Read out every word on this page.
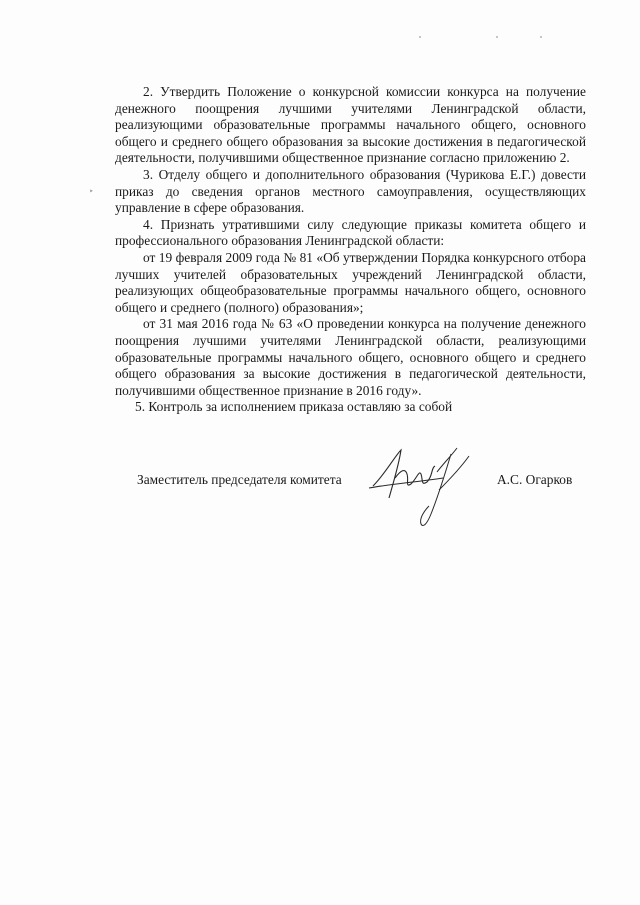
‣

2. Утвердить Положение о конкурсной комиссии конкурса на получение денежного поощрения лучшими учителями Ленинградской области, реализующими образовательные программы начального общего, основного общего и среднего общего образования за высокие достижения в педагогической деятельности, получившими общественное признание согласно приложению 2.

3. Отделу общего и дополнительного образования (Чурикова Е.Г.) довести приказ до сведения органов местного самоуправления, осуществляющих управление в сфере образования.

4. Признать утратившими силу следующие приказы комитета общего и профессионального образования Ленинградской области:

от 19 февраля 2009 года № 81 «Об утверждении Порядка конкурсного отбора лучших учителей образовательных учреждений Ленинградской области, реализующих общеобразовательные программы начального общего, основного общего и среднего (полного) образования»;

от 31 мая 2016 года № 63 «О проведении конкурса на получение денежного поощрения лучшими учителями Ленинградской области, реализующими образовательные программы начального общего, основного общего и среднего общего образования за высокие достижения в педагогической деятельности, получившими общественное признание в 2016 году».

5. Контроль за исполнением приказа оставляю за собой

Заместитель председателя комитета	А.С. Огарков
